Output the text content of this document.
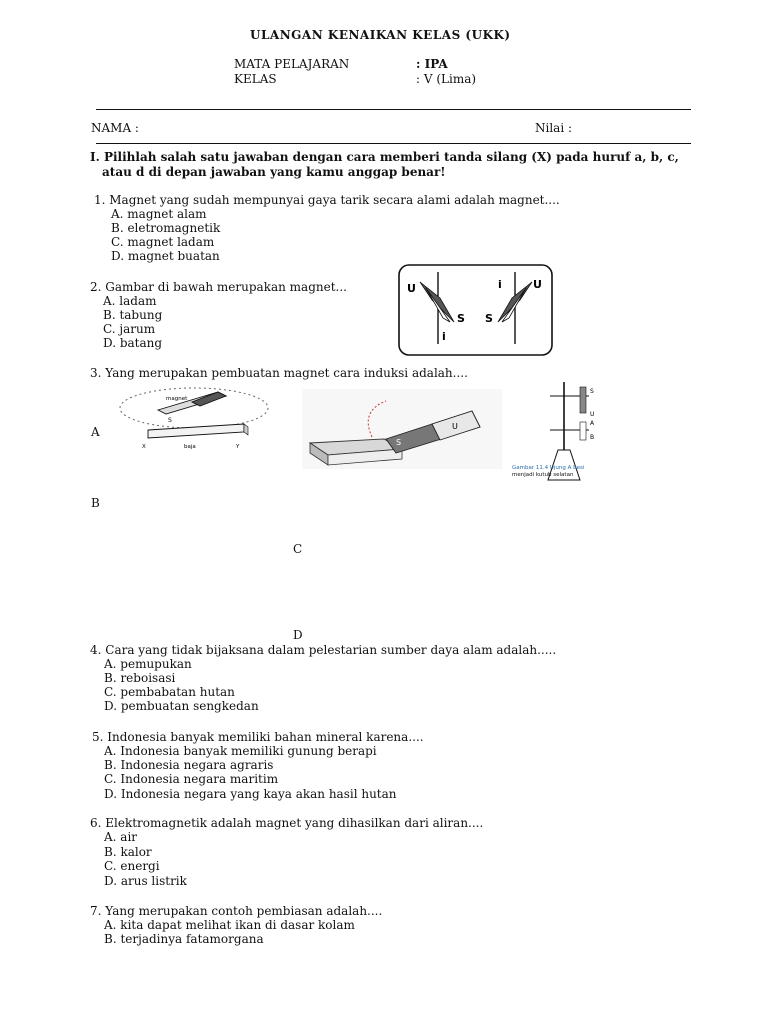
ULANGAN KENAIKAN KELAS (UKK)
MATA PELAJARAN	: IPA
KELAS	: V (Lima)
NAMA :	Nilai :
I. Pilihlah salah satu jawaban dengan cara memberi tanda silang (X) pada huruf a, b, c,
atau d di depan jawaban yang kamu anggap benar!
1. Magnet yang sudah mempunyai gaya tarik secara alami adalah magnet....
A. magnet alam
B. eletromagnetik
C. magnet ladam
D. magnet buatan
2. Gambar di bawah merupakan magnet...
A. ladam
B. tabung
C. jarum
D. batang
U
S
i
i	U
S
3. Yang merupakan pembuatan magnet cara induksi adalah....
A
B
C
D
magnet
S
baja
X	Y	S
U
S
U
A
B
Gambar 11.4 Ujung A besi
menjadi kutub selatan
4. Cara yang tidak bijaksana dalam pelestarian sumber daya alam adalah.....
A. pemupukan
B. reboisasi
C. pembabatan hutan
D. pembuatan sengkedan
5. Indonesia banyak memiliki bahan mineral karena....
A. Indonesia banyak memiliki gunung berapi
B. Indonesia negara agraris
C. Indonesia negara maritim
D. Indonesia negara yang kaya akan hasil hutan
6. Elektromagnetik adalah magnet yang dihasilkan dari aliran....
A. air
B. kalor
C. energi
D. arus listrik
7. Yang merupakan contoh pembiasan adalah....
A. kita dapat melihat ikan di dasar kolam
B. terjadinya fatamorgana
